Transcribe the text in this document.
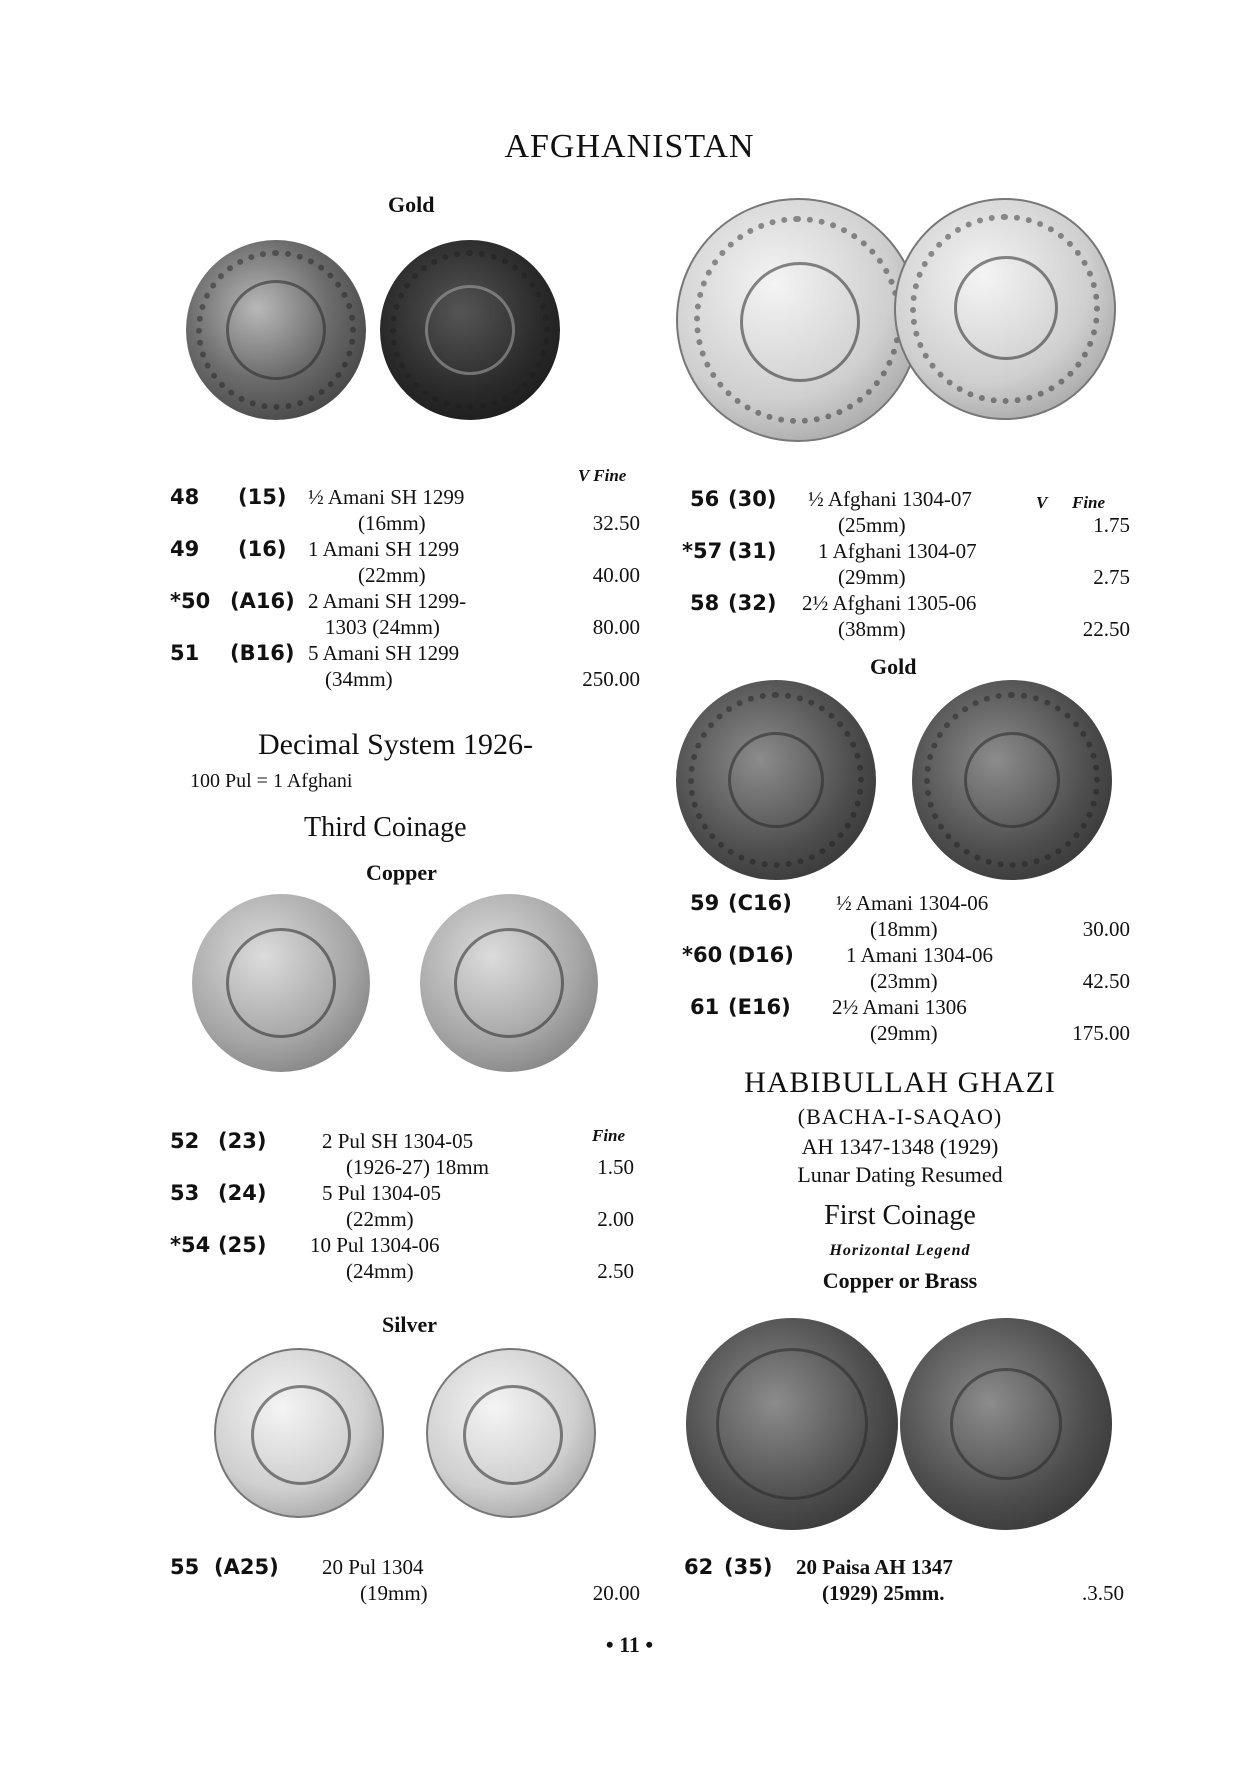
AFGHANISTAN
Gold
V Fine
48 (15) ½ Amani SH 1299
(16mm)	32.50
49 (16) 1 Amani SH 1299
(22mm)	40.00
*50 (A16) 2 Amani SH 1299-
1303 (24mm)	80.00
51 (B16) 5 Amani SH 1299
(34mm)	250.00
Decimal System 1926-
100 Pul = 1 Afghani
Third Coinage
Copper
Fine
52 (23)	2 Pul SH 1304-05
(1926-27) 18mm	1.50
53 (24)	5 Pul 1304-05
(22mm)	2.00
*54 (25) 10 Pul 1304-06
(24mm)	2.50
Silver
55 (A25) 20 Pul 1304
(19mm)	20.00
56 (30) ½ Afghani 1304-07	V Fine
(25mm)	1.75
*57 (31) 1 Afghani 1304-07
(29mm)	2.75
58 (32) 2½ Afghani 1305-06
(38mm)	22.50
Gold
59 (C16) ½ Amani 1304-06
(18mm)	30.00
*60 (D16) 1 Amani 1304-06
(23mm)	42.50
61 (E16) 2½ Amani 1306
(29mm)	175.00
HABIBULLAH GHAZI
(BACHA-I-SAQAO)
AH 1347-1348 (1929)
Lunar Dating Resumed
First Coinage
Horizontal Legend
Copper or Brass
62 (35) 20 Paisa AH 1347
(1929) 25mm.	.3.50
• 11 •
